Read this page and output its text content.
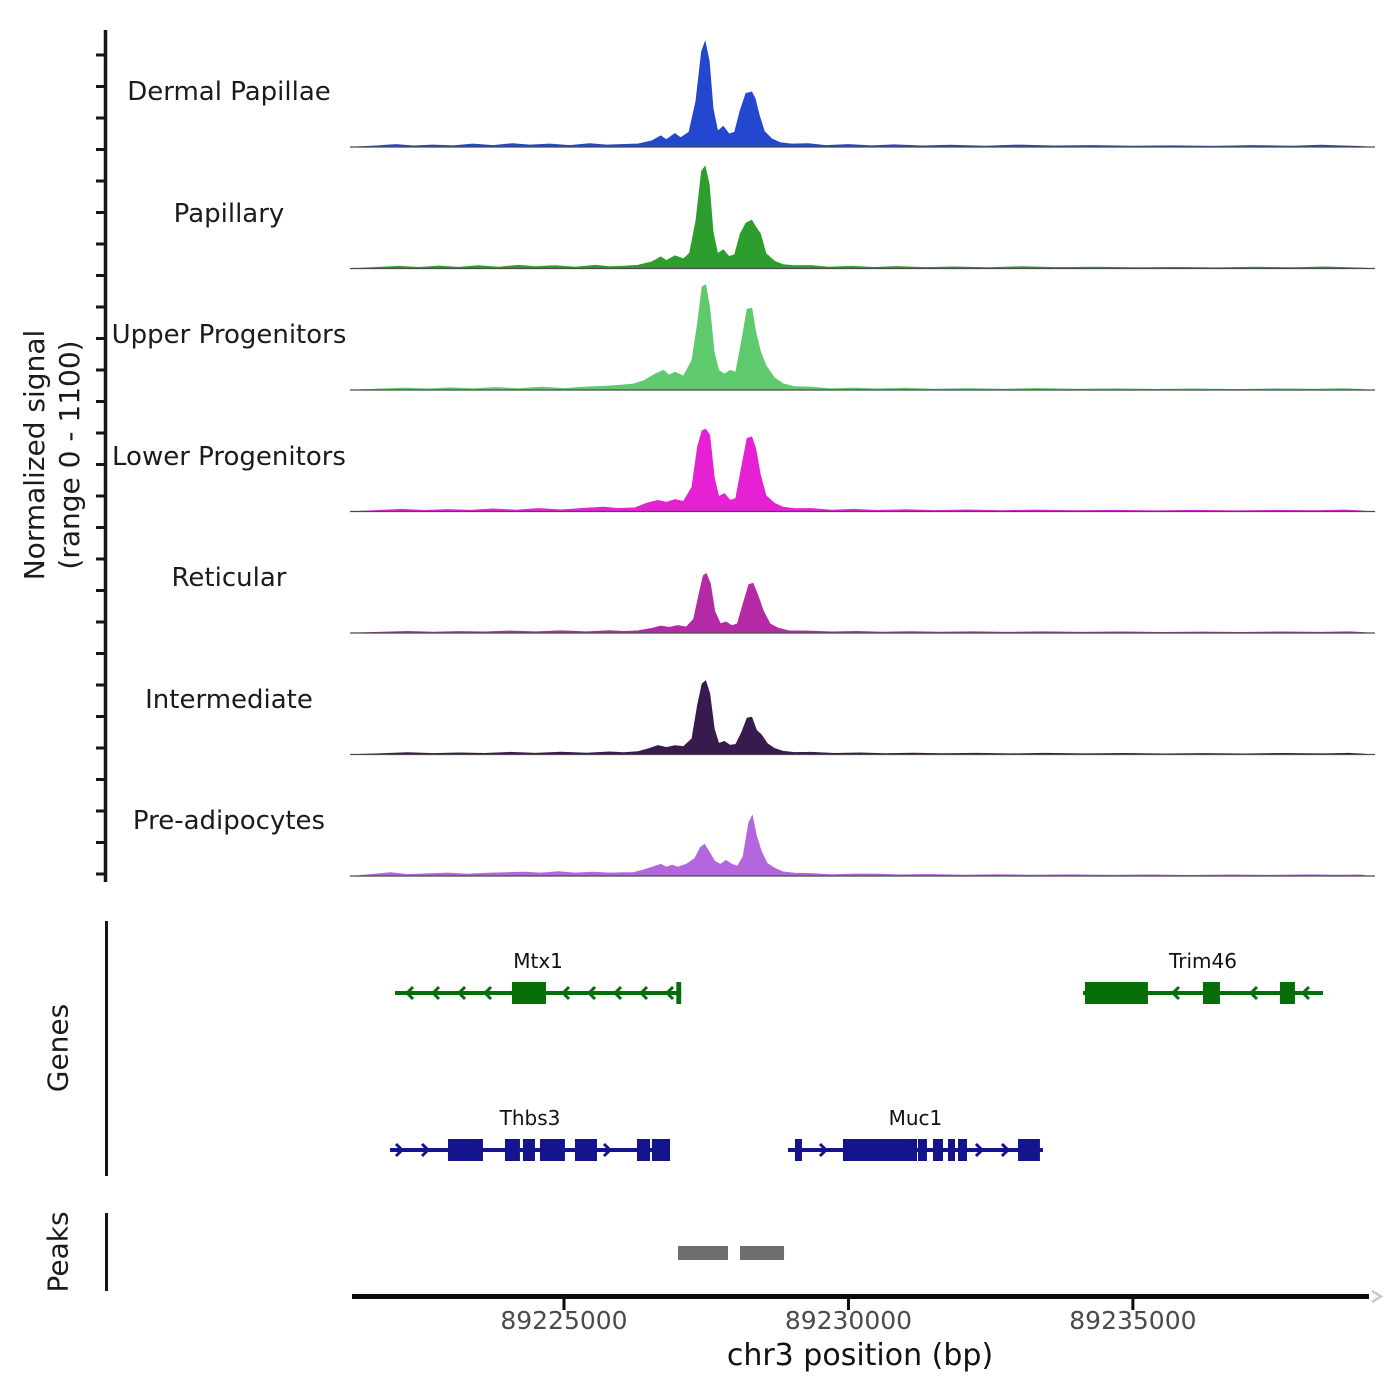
Normalized signal (range 0 - 1100)
Genes
Peaks
chr3 position (bp)
Dermal Papillae
Papillary
Upper Progenitors
Lower Progenitors
Reticular
Intermediate
Pre-adipocytes
Mtx1	Trim46
Thbs3	Muc1
89225000	89230000	89235000
